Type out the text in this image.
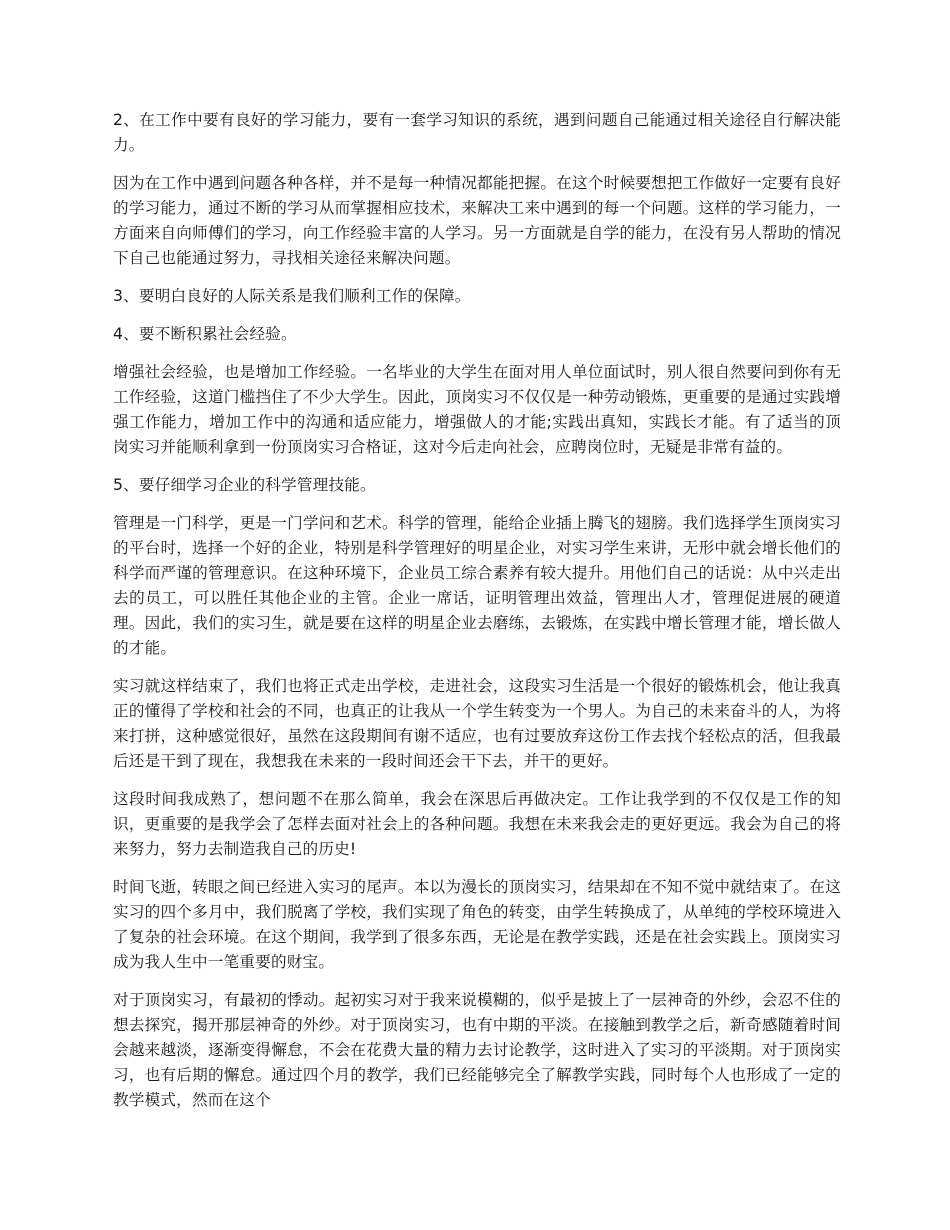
2、在工作中要有良好的学习能力，要有一套学习知识的系统，遇到问题自己能通过相关途径自行解决能力。

因为在工作中遇到问题各种各样，并不是每一种情况都能把握。在这个时候要想把工作做好一定要有良好的学习能力，通过不断的学习从而掌握相应技术，来解决工来中遇到的每一个问题。这样的学习能力，一方面来自向师傅们的学习，向工作经验丰富的人学习。另一方面就是自学的能力，在没有另人帮助的情况下自己也能通过努力，寻找相关途径来解决问题。

3、要明白良好的人际关系是我们顺利工作的保障。

4、要不断积累社会经验。

增强社会经验，也是增加工作经验。一名毕业的大学生在面对用人单位面试时，别人很自然要问到你有无工作经验，这道门槛挡住了不少大学生。因此，顶岗实习不仅仅是一种劳动锻炼，更重要的是通过实践增强工作能力，增加工作中的沟通和适应能力，增强做人的才能;实践出真知，实践长才能。有了适当的顶岗实习并能顺利拿到一份顶岗实习合格证，这对今后走向社会，应聘岗位时，无疑是非常有益的。

5、要仔细学习企业的科学管理技能。

管理是一门科学，更是一门学问和艺术。科学的管理，能给企业插上腾飞的翅膀。我们选择学生顶岗实习的平台时，选择一个好的企业，特别是科学管理好的明星企业，对实习学生来讲，无形中就会增长他们的科学而严谨的管理意识。在这种环境下，企业员工综合素养有较大提升。用他们自己的话说：从中兴走出去的员工，可以胜任其他企业的主管。企业一席话，证明管理出效益，管理出人才，管理促进展的硬道理。因此，我们的实习生，就是要在这样的明星企业去磨练，去锻炼，在实践中增长管理才能，增长做人的才能。

实习就这样结束了，我们也将正式走出学校，走进社会，这段实习生活是一个很好的锻炼机会，他让我真正的懂得了学校和社会的不同，也真正的让我从一个学生转变为一个男人。为自己的未来奋斗的人，为将来打拼，这种感觉很好，虽然在这段期间有谢不适应，也有过要放弃这份工作去找个轻松点的活，但我最后还是干到了现在，我想我在未来的一段时间还会干下去，并干的更好。

这段时间我成熟了，想问题不在那么简单，我会在深思后再做决定。工作让我学到的不仅仅是工作的知识，更重要的是我学会了怎样去面对社会上的各种问题。我想在未来我会走的更好更远。我会为自己的将来努力，努力去制造我自己的历史!

时间飞逝，转眼之间已经进入实习的尾声。本以为漫长的顶岗实习，结果却在不知不觉中就结束了。在这实习的四个多月中，我们脱离了学校，我们实现了角色的转变，由学生转换成了，从单纯的学校环境进入了复杂的社会环境。在这个期间，我学到了很多东西，无论是在教学实践，还是在社会实践上。顶岗实习成为我人生中一笔重要的财宝。

对于顶岗实习，有最初的悸动。起初实习对于我来说模糊的，似乎是披上了一层神奇的外纱，会忍不住的想去探究，揭开那层神奇的外纱。对于顶岗实习，也有中期的平淡。在接触到教学之后，新奇感随着时间会越来越淡，逐渐变得懈怠，不会在花费大量的精力去讨论教学，这时进入了实习的平淡期。对于顶岗实习，也有后期的懈怠。通过四个月的教学，我们已经能够完全了解教学实践，同时每个人也形成了一定的教学模式，然而在这个
